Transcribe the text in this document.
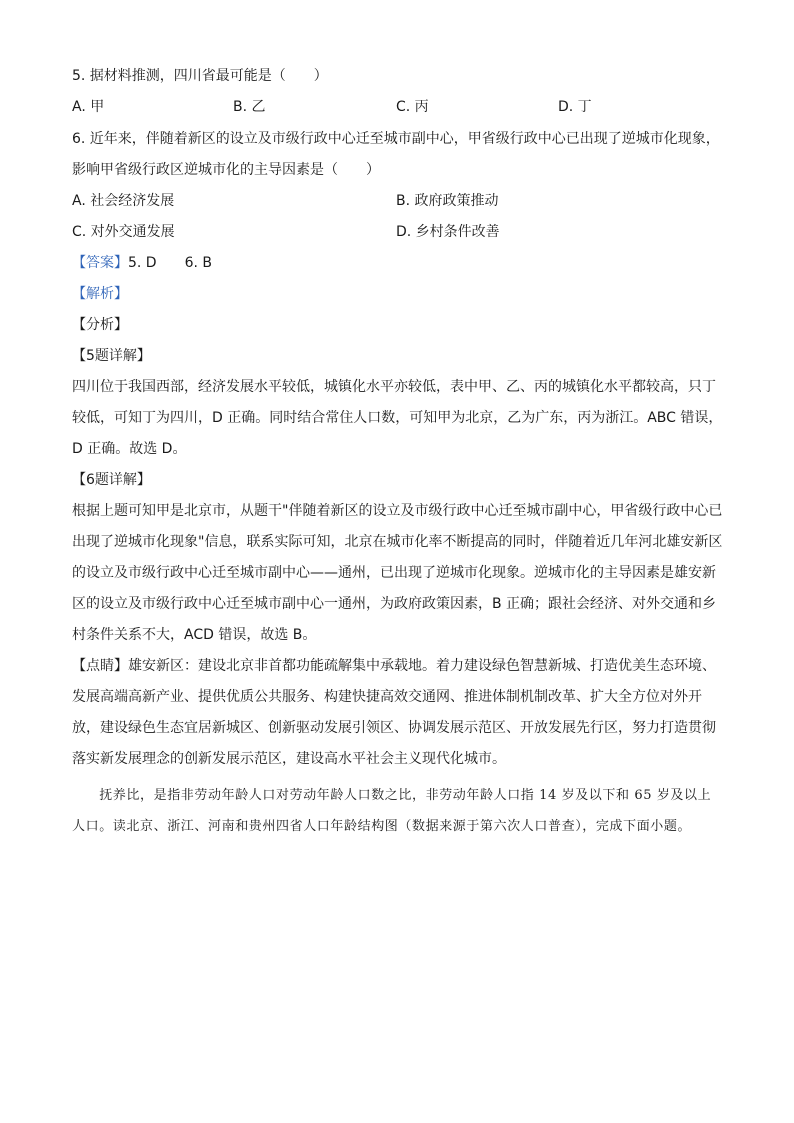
5. 据材料推测，四川省最可能是（　　）
A. 甲	B. 乙	C. 丙	D. 丁
6. 近年来，伴随着新区的设立及市级行政中心迁至城市副中心，甲省级行政中心已出现了逆城市化现象，
影响甲省级行政区逆城市化的主导因素是（　　）
A. 社会经济发展	B. 政府政策推动
C. 对外交通发展	D. 乡村条件改善
【答案】5. D　　6. B
【解析】
【分析】
【5题详解】
四川位于我国西部，经济发展水平较低，城镇化水平亦较低，表中甲、乙、丙的城镇化水平都较高，只丁
较低，可知丁为四川，D 正确。同时结合常住人口数，可知甲为北京，乙为广东，丙为浙江。ABC 错误，
D 正确。故选 D。
【6题详解】
根据上题可知甲是北京市，从题干"伴随着新区的设立及市级行政中心迁至城市副中心，甲省级行政中心已
出现了逆城市化现象"信息，联系实际可知，北京在城市化率不断提高的同时，伴随着近几年河北雄安新区
的设立及市级行政中心迁至城市副中心——通州，已出现了逆城市化现象。逆城市化的主导因素是雄安新
区的设立及市级行政中心迁至城市副中心一通州，为政府政策因素，B 正确；跟社会经济、对外交通和乡
村条件关系不大，ACD 错误，故选 B。
【点睛】雄安新区：建设北京非首都功能疏解集中承载地。着力建设绿色智慧新城、打造优美生态环境、
发展高端高新产业、提供优质公共服务、构建快捷高效交通网、推进体制机制改革、扩大全方位对外开
放，建设绿色生态宜居新城区、创新驱动发展引领区、协调发展示范区、开放发展先行区，努力打造贯彻
落实新发展理念的创新发展示范区，建设高水平社会主义现代化城市。
　　抚养比，是指非劳动年龄人口对劳动年龄人口数之比，非劳动年龄人口指 14 岁及以下和 65 岁及以上
人口。读北京、浙江、河南和贵州四省人口年龄结构图（数据来源于第六次人口普查），完成下面小题。
